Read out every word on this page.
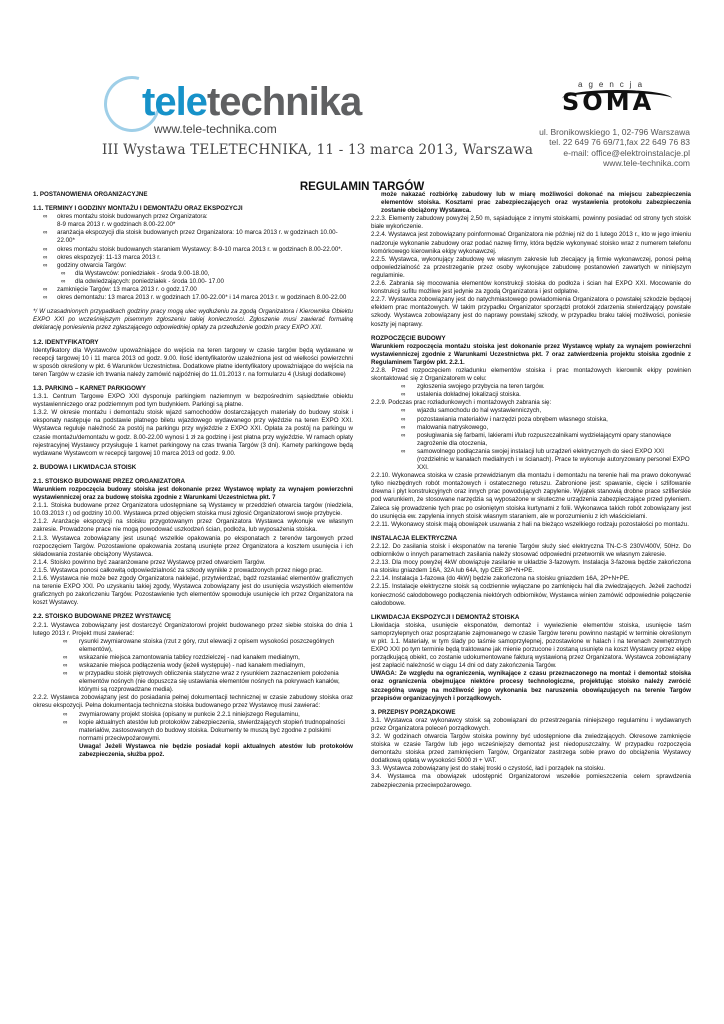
teletechnika
www.tele-technika.com
III Wystawa TELETECHNIKA, 11 - 13 marca 2013, Warszawa
agencja
SOMA
ul. Bronikowskiego 1, 02-796 Warszawa
tel. 22 649 76 69/71,fax 22 649 76 83
e-mail: office@elektroinstalacje.pl
www.tele-technika.com
REGULAMIN TARGÓW
1. POSTANOWIENIA ORGANIZACYJNE
1.1. TERMINY I GODZINY MONTAŻU I DEMONTAŻU ORAZ EKSPOZYCJI
∞ okres montażu stoisk budowanych przez Organizatora:
8-9 marca 2013 r. w godzinach 8.00-22.00*
∞ aranżacja ekspozycji dla stoisk budowanych przez Organizatora: 10 marca 2013 r. w godzinach 10.00-22.00*
∞ okres montażu stoisk budowanych staraniem Wystawcy: 8-9-10 marca 2013 r. w godzinach 8.00-22.00*.
∞ okres ekspozycji: 11-13 marca 2013 r.
∞ godziny otwarcia Targów:
∞ dla Wystawców: poniedziałek - środa 9.00-18.00,
∞ dla odwiedzających: poniedziałek - środa 10.00- 17.00
∞ zamknięcie Targów: 13 marca 2013 r. o godz.17.00
∞ okres demontażu: 13 marca 2013 r. w godzinach 17.00-22.00* i 14 marca 2013 r. w godzinach 8.00-22.00
*/ W uzasadnionych przypadkach godziny pracy mogą ulec wydłużeniu za zgodą Organizatora i Kierownika Obiektu EXPO XXI po wcześniejszym pisemnym zgłoszeniu takiej konieczności. Zgłoszenie musi zawierać formalną deklarację poniesienia przez zgłaszającego odpowiedniej opłaty za przedłużenie godzin pracy EXPO XXI.
1.2. IDENTYFIKATORY
Identyfikatory dla Wystawców upoważniające do wejścia na teren targowy w czasie targów będą wydawane w recepcji targowej 10 i 11 marca 2013 od godz. 9.00. Ilość identyfikatorów uzależniona jest od wielkości powierzchni w sposób określony w pkt. 6 Warunków Uczestnictwa. Dodatkowe płatne identyfikatory upoważniające do wejścia na teren Targów w czasie ich trwania należy zamówić najpóźniej do 11.01.2013 r. na formularzu 4 (Usługi dodatkowe)
1.3. PARKING – KARNET PARKIGOWY
1.3.1. Centrum Targowe EXPO XXI dysponuje parkingiem naziemnym w bezpośrednim sąsiedztwie obiektu wystawienniczego oraz podziemnym pod tym budynkiem. Parkingi są płatne.
1.3.2. W okresie montażu i demontażu stoisk wjazd samochodów dostarczających materiały do budowy stoisk i eksponaty następuje na podstawie płatnego biletu wjazdowego wydawanego przy wjeździe na teren EXPO XXI. Wystawca reguluje należność za postój na parkingu przy wyjeździe z EXPO XXI. Opłata za postój na parkingu w czasie montażu/demontażu w godz. 8.00-22.00 wynosi 1 zł za godzinę i jest płatna przy wyjeździe. W ramach opłaty rejestracyjnej Wystawcy przysługuje 1 karnet parkingowy na czas trwania Targów (3 dni). Karnety parkingowe będą wydawane Wystawcom w recepcji targowej 10 marca 2013 od godz. 9.00.
2. BUDOWA I LIKWIDACJA STOISK
2.1. STOISKO BUDOWANE PRZEZ ORGANIZATORA
Warunkiem rozpoczęcia budowy stoiska jest dokonanie przez Wystawcę wpłaty za wynajem powierzchni wystawienniczej oraz za budowę stoiska zgodnie z Warunkami Uczestnictwa pkt. 7
2.1.1. Stoiska budowane przez Organizatora udostępniane są Wystawcy w przeddzień otwarcia targów (niedziela, 10.03.2013 r.) od godziny 10.00. Wystawca przed objęciem stoiska musi zgłosić Organizatorowi swoje przybycie.
2.1.2. Aranżacje ekspozycji na stoisku przygotowanym przez Organizatora Wystawca wykonuje we własnym zakresie. Prowadzone prace nie mogą powodować uszkodzeń ścian, podłoża, lub wyposażenia stoiska.
2.1.3. Wystawca zobowiązany jest usunąć wszelkie opakowania po eksponatach z terenów targowych przed rozpoczęciem Targów. Pozostawione opakowania zostaną usunięte przez Organizatora a kosztem usunięcia i ich składowania zostanie obciążony Wystawca.
2.1.4. Stoisko powinno być zaaranżowane przez Wystawcę przed otwarciem Targów.
2.1.5. Wystawca ponosi całkowitą odpowiedzialność za szkody wynikłe z prowadzonych przez niego prac.
2.1.6. Wystawca nie może bez zgody Organizatora naklejać, przytwierdzać, bądź rozstawiać elementów graficznych na terenie EXPO XXI. Po uzyskaniu takiej zgody, Wystawca zobowiązany jest do usunięcia wszystkich elementów graficznych po zakończeniu Targów. Pozostawienie tych elementów spowoduje usunięcie ich przez Organizatora na koszt Wystawcy.
2.2. STOISKO BUDOWANE PRZEZ WYSTAWCĘ
2.2.1. Wystawca zobowiązany jest dostarczyć Organizatorowi projekt budowanego przez siebie stoiska do dnia 1 lutego 2013 r. Projekt musi zawierać:
∞ rysunki zwymiarowane stoiska (rzut z góry, rzut elewacji z opisem wysokości poszczególnych elementów),
∞ wskazanie miejsca zamontowania tablicy rozdzielczej - nad kanałem medialnym,
∞ wskazanie miejsca podłączenia wody (jeżeli występuje) - nad kanałem medialnym,
∞ w przypadku stoisk piętrowych obliczenia statyczne wraz z rysunkiem zaznaczeniem położenia elementów nośnych (nie dopuszcza się ustawiania elementów nośnych na pokrywach kanałów, którymi są rozprowadzane media).
2.2.2. Wystawca zobowiązany jest do posiadania pełnej dokumentacji technicznej w czasie zabudowy stoiska oraz okresu ekspozycji. Pełna dokumentacja techniczna stoiska budowanego przez Wystawcę musi zawierać:
∞ zwymiarowany projekt stoiska (opisany w punkcie 2.2.1 niniejszego Regulaminu,
∞ kopie aktualnych atestów lub protokołów zabezpieczenia, stwierdzających stopień trudnopalności materiałów, zastosowanych do budowy stoiska. Dokumenty te muszą być zgodne z polskimi normami przeciwpożarowymi.
Uwaga! Jeżeli Wystawca nie będzie posiadał kopii aktualnych atestów lub protokołów zabezpieczenia, służba ppoż.
może nakazać rozbiórkę zabudowy lub w miarę możliwości dokonać na miejscu zabezpieczenia elementów stoiska. Kosztami prac zabezpieczających oraz wystawienia protokołu zabezpieczenia zostanie obciążony Wystawca.
2.2.3. Elementy zabudowy powyżej 2,50 m, sąsiadujące z innymi stoiskami, powinny posiadać od strony tych stoisk białe wykończenie.
2.2.4. Wystawca jest zobowiązany poinformować Organizatora nie później niż do 1 lutego 2013 r., kto w jego imieniu nadzoruje wykonanie zabudowy oraz podać nazwę firmy, która będzie wykonywać stoisko wraz z numerem telefonu komórkowego kierownika ekipy wykonawczej.
2.2.5. Wystawca, wykonujący zabudowę we własnym zakresie lub zlecający ją firmie wykonawczej, ponosi pełną odpowiedzialność za przestrzeganie przez osoby wykonujące zabudowę postanowień zawartych w niniejszym regulaminie.
2.2.6. Zabrania się mocowania elementów konstrukcji stoiska do podłoża i ścian hal EXPO XXI. Mocowanie do konstrukcji sufitu możliwe jest jedynie za zgodą Organizatora i jest odpłatne.
2.2.7. Wystawca zobowiązany jest do natychmiastowego powiadomienia Organizatora o powstałej szkodzie będącej efektem prac montażowych. W takim przypadku Organizator sporządzi protokół zdarzenia stwierdzający powstałe szkody. Wystawca zobowiązany jest do naprawy powstałej szkody, w przypadku braku takiej możliwości, poniesie koszty jej naprawy.
ROZPOCZĘCIE BUDOWY
Warunkiem rozpoczęcia montażu stoiska jest dokonanie przez Wystawcę wpłaty za wynajem powierzchni wystawienniczej zgodnie z Warunkami Uczestnictwa pkt. 7 oraz zatwierdzenia projektu stoiska zgodnie z Regulaminem Targów pkt. 2.2.1.
2.2.8. Przed rozpoczęciem rozładunku elementów stoiska i prac montażowych kierownik ekipy powinien skontaktować się z Organizatorem w celu:
∞ zgłoszenia swojego przybycia na teren targów.
∞ ustalenia dokładnej lokalizacji stoiska.
2.2.9. Podczas prac rozładunkowych i montażowych zabrania się:
∞ wjazdu samochodu do hal wystawienniczych,
∞ pozostawiania materiałów i narzędzi poza obrębem własnego stoiska,
∞ malowania natryskowego,
∞ posługiwania się farbami, lakierami i/lub rozpuszczalnikami wydzielającymi opary stanowiące zagrożenie dla otoczenia,
∞ samowolnego podłączania swojej instalacji lub urządzeń elektrycznych do sieci EXPO XXI (rozdzielnic w kanałach medialnych i w ścianach). Prace te wykonuje autoryzowany personel EXPO XXI.
2.2.10. Wykonawca stoiska w czasie przewidzianym dla montażu i demontażu na terenie hali ma prawo dokonywać tylko niezbędnych robót montażowych i ostatecznego retuszu. Zabronione jest: spawanie, cięcie i szlifowanie drewna i płyt konstrukcyjnych oraz innych prac powodujących zapylenie. Wyjątek stanowią drobne prace szlifierskie pod warunkiem, że stosowane narzędzia są wyposażone w skuteczne urządzenia zabezpieczające przed pyleniem. Zaleca się prowadzenie tych prac po osłoniętym stoiska kurtynami z folii. Wykonawca takich robót zobowiązany jest do usunięcia ew. zapylenia innych stoisk własnym staraniem, ale w porozumieniu z ich właścicielami.
2.2.11. Wykonawcy stoisk mają obowiązek usuwania z hali na bieżąco wszelkiego rodzaju pozostałości po montażu.
INSTALACJA ELEKTRYCZNA
2.2.12. Do zasilania stoisk i eksponatów na terenie Targów służy sieć elektryczna TN-C-S 230V/400V, 50Hz. Do odbiorników o innych parametrach zasilania należy stosować odpowiedni przetwornik we własnym zakresie.
2.2.13. Dla mocy powyżej 4kW obowiązuje zasilanie w układzie 3-fazowym. Instalacja 3-fazowa będzie zakończona na stoisku gniazdem 16A, 32A lub 64A, typ CEE 3P+N+PE.
2.2.14. Instalacja 1-fazowa (do 4kW) będzie zakończona na stoisku gniazdem 16A, 2P+N+PE.
2.2.15. Instalacje elektryczne stoisk są codziennie wyłączane po zamknięciu hal dla zwiedzających. Jeżeli zachodzi konieczność całodobowego podłączenia niektórych odbiorników, Wystawca winien zamówić odpowiednie połączenie całodobowe.
LIKWIDACJA EKSPOZYCJI I DEMONTAŻ STOISKA
Likwidacja stoiska, usunięcie eksponatów, demontaż i wywiezienie elementów stoiska, usunięcie taśm samoprzylepnych oraz posprzątanie zajmowanego w czasie Targów terenu powinno nastąpić w terminie określonym w pkt. 1.1. Materiały, w tym ślady po taśmie samoprzylepnej, pozostawione w halach i na terenach zewnętrznych EXPO XXI po tym terminie będą traktowane jak mienie porzucone i zostaną usunięte na koszt Wystawcy przez ekipę porządkującą obiekt, co zostanie udokumentowane fakturą wystawioną przez Organizatora. Wystawca zobowiązany jest zapłacić należność w ciągu 14 dni od daty zakończenia Targów.
UWAGA: Ze względu na ograniczenia, wynikające z czasu przeznaczonego na montaż i demontaż stoiska oraz ograniczenia obejmujące niektóre procesy technologiczne, projektując stoisko należy zwrócić szczególną uwagę na możliwość jego wykonania bez naruszenia obowiązujących na terenie Targów przepisów organizacyjnych i porządkowych.
3. PRZEPISY PORZĄDKOWE
3.1. Wystawca oraz wykonawcy stoisk są zobowiązani do przestrzegania niniejszego regulaminu i wydawanych przez Organizatora poleceń porządkowych.
3.2. W godzinach otwarcia Targów stoiska powinny być udostępnione dla zwiedzających. Okresowe zamknięcie stoiska w czasie Targów lub jego wcześniejszy demontaż jest niedopuszczalny. W przypadku rozpoczęcia demontażu stoiska przed zamknięciem Targów, Organizator zastrzega sobie prawo do obciążenia Wystawcy dodatkową opłatą w wysokości 5000 zł + VAT.
3.3. Wystawca zobowiązany jest do stałej troski o czystość, ład i porządek na stoisku.
3.4. Wystawca ma obowiązek udostępnić Organizatorowi wszelkie pomieszczenia celem sprawdzenia zabezpieczenia przeciwpożarowego.
